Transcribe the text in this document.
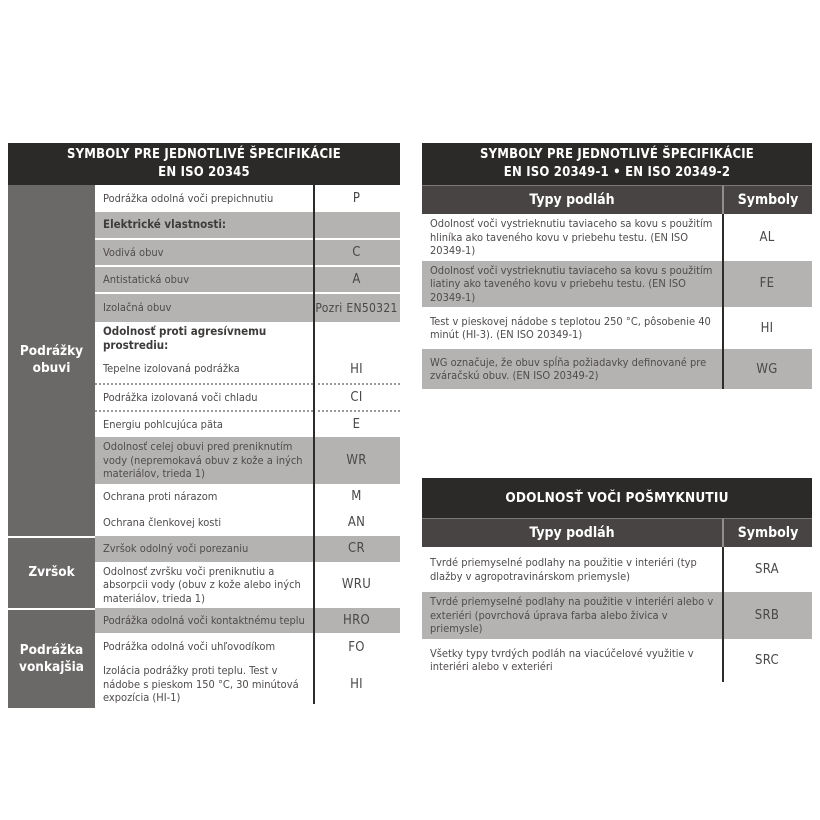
SYMBOLY PRE JEDNOTLIVÉ ŠPECIFIKÁCIE
EN ISO 20345
Podrážky obuvi	Podrážka odolná voči prepichnutiu	P
	Elektrické vlastnosti:	
	Vodivá obuv	C
	Antistatická obuv	A
	Izolačná obuv	Pozri EN50321
	Odolnosť proti agresívnemu prostrediu:	
	Tepelne izolovaná podrážka	HI
	Podrážka izolovaná voči chladu	CI
	Energiu pohlcujúca päta	E
	Odolnosť celej obuvi pred preniknutím vody (nepremokavá obuv z kože a iných materiálov, trieda 1)	WR
	Ochrana proti nárazom	M
	Ochrana členkovej kosti	AN
Zvršok	Zvršok odolný voči porezaniu	CR
	Odolnosť zvršku voči preniknutiu a absorpcii vody (obuv z kože alebo iných materiálov, trieda 1)	WRU
Podrážka vonkajšia	Podrážka odolná voči kontaktnému teplu	HRO
	Podrážka odolná voči uhľovodíkom	FO
	Izolácia podrážky proti teplu. Test v nádobe s pieskom 150 °C, 30 minútová expozícia (HI-1)	HI
SYMBOLY PRE JEDNOTLIVÉ ŠPECIFIKÁCIE
EN ISO 20349-1 • EN ISO 20349-2
Typy podláh	Symboly
Odolnosť voči vystrieknutiu taviaceho sa kovu s použitím hliníka ako taveného kovu v priebehu testu. (EN ISO 20349-1)	AL
Odolnosť voči vystrieknutiu taviaceho sa kovu s použitím liatiny ako taveného kovu v priebehu testu. (EN ISO 20349-1)	FE
Test v pieskovej nádobe s teplotou 250 °C, pôsobenie 40 minút (HI-3). (EN ISO 20349-1)	HI
WG označuje, že obuv spĺňa požiadavky definované pre zváračskú obuv. (EN ISO 20349-2)	WG
ODOLNOSŤ VOČI POŠMYKNUTIU
Typy podláh	Symboly
Tvrdé priemyselné podlahy na použitie v interiéri (typ dlažby v agropotravinárskom priemysle)	SRA
Tvrdé priemyselné podlahy na použitie v interiéri alebo v exteriéri (povrchová úprava farba alebo živica v priemysle)	SRB
Všetky typy tvrdých podláh na viacúčelové využitie v interiéri alebo v exteriéri	SRC
